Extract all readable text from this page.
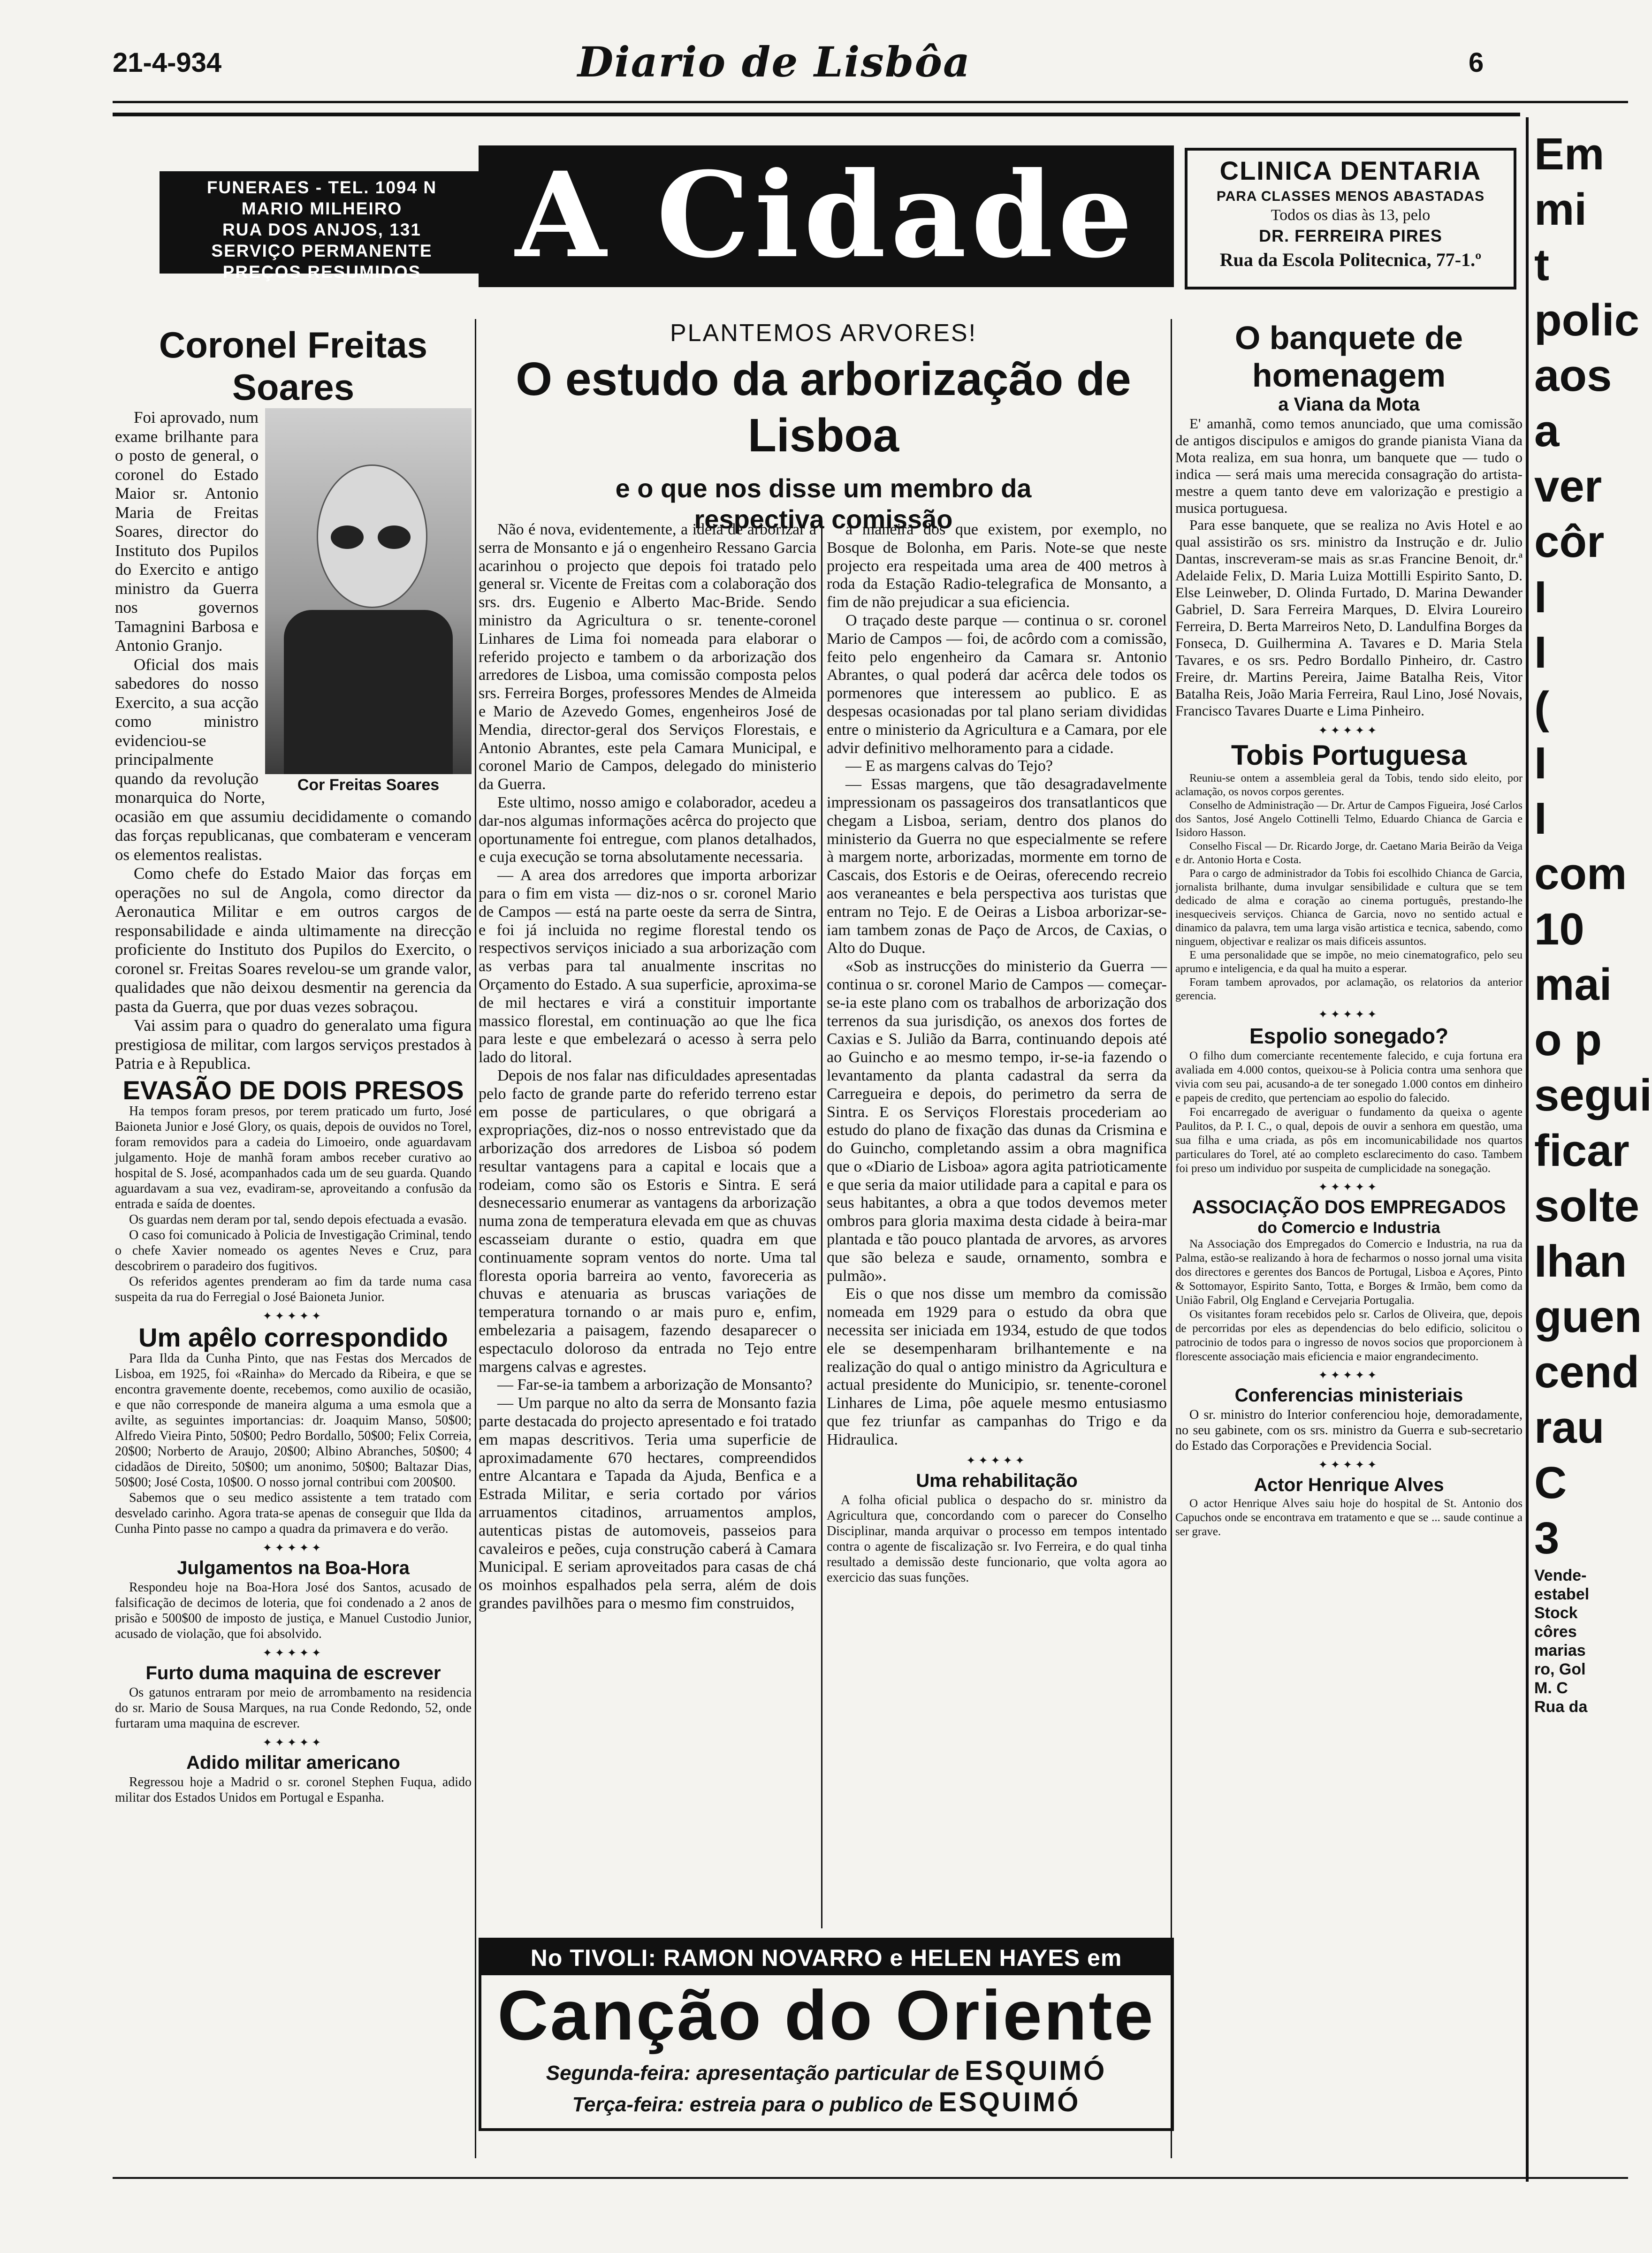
21-4-934	Diario de Lisbôa	6
FUNERAES - TEL. 1094 N
MARIO MILHEIRO
RUA DOS ANJOS, 131
SERVIÇO PERMANENTE
PREÇOS RESUMIDOS A Cidade	CLINICA DENTARIA
PARA CLASSES MENOS ABASTADAS
Todos os dias às 13, pelo
DR. FERREIRA PIRES
Rua da Escola Politecnica, 77-1.º
Coronel Freitas Soares
Cor Freitas Soares

Foi aprovado, num exame brilhante para o posto de general, o coronel do Estado Maior sr. Antonio Maria de Freitas Soares, director do Instituto dos Pupilos do Exercito e antigo ministro da Guerra nos governos Tamagnini Barbosa e Antonio Granjo.

Oficial dos mais sabedores do nosso Exercito, a sua acção como ministro evidenciou-se principalmente quando da revolução monarquica do Norte, ocasião em que assumiu decididamente o comando das forças republicanas, que combateram e venceram os elementos realistas.

Como chefe do Estado Maior das forças em operações no sul de Angola, como director da Aeronautica Militar e em outros cargos de responsabilidade e ainda ultimamente na direcção proficiente do Instituto dos Pupilos do Exercito, o coronel sr. Freitas Soares revelou-se um grande valor, qualidades que não deixou desmentir na gerencia da pasta da Guerra, que por duas vezes sobraçou.

Vai assim para o quadro do generalato uma figura prestigiosa de militar, com largos serviços prestados à Patria e à Republica.

EVASÃO DE DOIS PRESOS

Ha tempos foram presos, por terem praticado um furto, José Baioneta Junior e José Glory, os quais, depois de ouvidos no Torel, foram removidos para a cadeia do Limoeiro, onde aguardavam julgamento. Hoje de manhã foram ambos receber curativo ao hospital de S. José, acompanhados cada um de seu guarda. Quando aguardavam a sua vez, evadiram-se, aproveitando a confusão da entrada e saída de doentes.

Os guardas nem deram por tal, sendo depois efectuada a evasão.

O caso foi comunicado à Policia de Investigação Criminal, tendo o chefe Xavier nomeado os agentes Neves e Cruz, para descobrirem o paradeiro dos fugitivos.

Os referidos agentes prenderam ao fim da tarde numa casa suspeita da rua do Ferregial o José Baioneta Junior.

✦✦✦✦✦
Um apêlo correspondido

Para Ilda da Cunha Pinto, que nas Festas dos Mercados de Lisboa, em 1925, foi «Rainha» do Mercado da Ribeira, e que se encontra gravemente doente, recebemos, como auxilio de ocasião, e que não corresponde de maneira alguma a uma esmola que a avilte, as seguintes importancias: dr. Joaquim Manso, 50$00; Alfredo Vieira Pinto, 50$00; Pedro Bordallo, 50$00; Felix Correia, 20$00; Norberto de Araujo, 20$00; Albino Abranches, 50$00; 4 cidadãos de Direito, 50$00; um anonimo, 50$00; Baltazar Dias, 50$00; José Costa, 10$00. O nosso jornal contribui com 200$00.

Sabemos que o seu medico assistente a tem tratado com desvelado carinho. Agora trata-se apenas de conseguir que Ilda da Cunha Pinto passe no campo a quadra da primavera e do verão.

✦✦✦✦✦
Julgamentos na Boa-Hora

Respondeu hoje na Boa-Hora José dos Santos, acusado de falsificação de decimos de loteria, que foi condenado a 2 anos de prisão e 500$00 de imposto de justiça, e Manuel Custodio Junior, acusado de violação, que foi absolvido.

✦✦✦✦✦
Furto duma maquina de escrever

Os gatunos entraram por meio de arrombamento na residencia do sr. Mario de Sousa Marques, na rua Conde Redondo, 52, onde furtaram uma maquina de escrever.

✦✦✦✦✦
Adido militar americano

Regressou hoje a Madrid o sr. coronel Stephen Fuqua, adido militar dos Estados Unidos em Portugal e Espanha.

PLANTEMOS ARVORES!
O estudo da arborização de Lisboa
e o que nos disse um membro da respectiva comissão

Não é nova, evidentemente, a ideia de arborizar a serra de Monsanto e já o engenheiro Ressano Garcia acarinhou o projecto que depois foi tratado pelo general sr. Vicente de Freitas com a colaboração dos srs. drs. Eugenio e Alberto Mac-Bride. Sendo ministro da Agricultura o sr. tenente-coronel Linhares de Lima foi nomeada para elaborar o referido projecto e tambem o da arborização dos arredores de Lisboa, uma comissão composta pelos srs. Ferreira Borges, professores Mendes de Almeida e Mario de Azevedo Gomes, engenheiros José de Mendia, director-geral dos Serviços Florestais, e Antonio Abrantes, este pela Camara Municipal, e coronel Mario de Campos, delegado do ministerio da Guerra.

Este ultimo, nosso amigo e colaborador, acedeu a dar-nos algumas informações acêrca do projecto que oportunamente foi entregue, com planos detalhados, e cuja execução se torna absolutamente necessaria.

— A area dos arredores que importa arborizar para o fim em vista — diz-nos o sr. coronel Mario de Campos — está na parte oeste da serra de Sintra, e foi já incluida no regime florestal tendo os respectivos serviços iniciado a sua arborização com as verbas para tal anualmente inscritas no Orçamento do Estado. A sua superficie, aproxima-se de mil hectares e virá a constituir importante massico florestal, em continuação ao que lhe fica para leste e que embelezará o acesso à serra pelo lado do litoral.

Depois de nos falar nas dificuldades apresentadas pelo facto de grande parte do referido terreno estar em posse de particulares, o que obrigará a expropriações, diz-nos o nosso entrevistado que da arborização dos arredores de Lisboa só podem resultar vantagens para a capital e locais que a rodeiam, como são os Estoris e Sintra. E será desnecessario enumerar as vantagens da arborização numa zona de temperatura elevada em que as chuvas escasseiam durante o estio, quadra em que continuamente sopram ventos do norte. Uma tal floresta oporia barreira ao vento, favoreceria as chuvas e atenuaria as bruscas variações de temperatura tornando o ar mais puro e, enfim, embelezaria a paisagem, fazendo desaparecer o espectaculo doloroso da entrada no Tejo entre margens calvas e agrestes.

— Far-se-ia tambem a arborização de Monsanto?

— Um parque no alto da serra de Monsanto fazia parte destacada do projecto apresentado e foi tratado em mapas descritivos. Teria uma superficie de aproximadamente 670 hectares, compreendidos entre Alcantara e Tapada da Ajuda, Benfica e a Estrada Militar, e seria cortado por vários arruamentos citadinos, arruamentos amplos, autenticas pistas de automoveis, passeios para cavaleiros e peões, cuja construção caberá à Camara Municipal. E seriam aproveitados para casas de chá os moinhos espalhados pela serra, além de dois grandes pavilhões para o mesmo fim construidos,

à maneira dos que existem, por exemplo, no Bosque de Bolonha, em Paris. Note-se que neste projecto era respeitada uma area de 400 metros à roda da Estação Radio-telegrafica de Monsanto, a fim de não prejudicar a sua eficiencia.

O traçado deste parque — continua o sr. coronel Mario de Campos — foi, de acôrdo com a comissão, feito pelo engenheiro da Camara sr. Antonio Abrantes, o qual poderá dar acêrca dele todos os pormenores que interessem ao publico. E as despesas ocasionadas por tal plano seriam divididas entre o ministerio da Agricultura e a Camara, por ele advir definitivo melhoramento para a cidade.

— E as margens calvas do Tejo?

— Essas margens, que tão desagradavelmente impressionam os passageiros dos transatlanticos que chegam a Lisboa, seriam, dentro dos planos do ministerio da Guerra no que especialmente se refere à margem norte, arborizadas, mormente em torno de Cascais, dos Estoris e de Oeiras, oferecendo recreio aos veraneantes e bela perspectiva aos turistas que entram no Tejo. E de Oeiras a Lisboa arborizar-se-iam tambem zonas de Paço de Arcos, de Caxias, o Alto do Duque.

«Sob as instrucções do ministerio da Guerra — continua o sr. coronel Mario de Campos — começar-se-ia este plano com os trabalhos de arborização dos terrenos da sua jurisdição, os anexos dos fortes de Caxias e S. Julião da Barra, continuando depois até ao Guincho e ao mesmo tempo, ir-se-ia fazendo o levantamento da planta cadastral da serra da Carregueira e depois, do perimetro da serra de Sintra. E os Serviços Florestais procederiam ao estudo do plano de fixação das dunas da Crismina e do Guincho, completando assim a obra magnifica que o «Diario de Lisboa» agora agita patrioticamente e que seria da maior utilidade para a capital e para os seus habitantes, a obra a que todos devemos meter ombros para gloria maxima desta cidade à beira-mar plantada e tão pouco plantada de arvores, as arvores que são beleza e saude, ornamento, sombra e pulmão».

Eis o que nos disse um membro da comissão nomeada em 1929 para o estudo da obra que necessita ser iniciada em 1934, estudo de que todos ele se desempenharam brilhantemente e na realização do qual o antigo ministro da Agricultura e actual presidente do Municipio, sr. tenente-coronel Linhares de Lima, pôe aquele mesmo entusiasmo que fez triunfar as campanhas do Trigo e da Hidraulica.

✦✦✦✦✦
Uma rehabilitação

A folha oficial publica o despacho do sr. ministro da Agricultura que, concordando com o parecer do Conselho Disciplinar, manda arquivar o processo em tempos intentado contra o agente de fiscalização sr. Ivo Ferreira, e do qual tinha resultado a demissão deste funcionario, que volta agora ao exercicio das suas funções.

No TIVOLI: RAMON NOVARRO e HELEN HAYES em
Canção do Oriente
Segunda-feira: apresentação particular de ESQUIMÓ
Terça-feira: estreia para o publico de ESQUIMÓ
O banquete de homenagem
a Viana da Mota

E' amanhã, como temos anunciado, que uma comissão de antigos discipulos e amigos do grande pianista Viana da Mota realiza, em sua honra, um banquete que — tudo o indica — será mais uma merecida consagração do artista-mestre a quem tanto deve em valorização e prestigio a musica portuguesa.

Para esse banquete, que se realiza no Avis Hotel e ao qual assistirão os srs. ministro da Instrução e dr. Julio Dantas, inscreveram-se mais as sr.as Francine Benoit, dr.ª Adelaide Felix, D. Maria Luiza Mottilli Espirito Santo, D. Else Leinweber, D. Olinda Furtado, D. Marina Dewander Gabriel, D. Sara Ferreira Marques, D. Elvira Loureiro Ferreira, D. Berta Marreiros Neto, D. Landulfina Borges da Fonseca, D. Guilhermina A. Tavares e D. Maria Stela Tavares, e os srs. Pedro Bordallo Pinheiro, dr. Castro Freire, dr. Martins Pereira, Jaime Batalha Reis, Vitor Batalha Reis, João Maria Ferreira, Raul Lino, José Novais, Francisco Tavares Duarte e Lima Pinheiro.

✦✦✦✦✦
Tobis Portuguesa

Reuniu-se ontem a assembleia geral da Tobis, tendo sido eleito, por aclamação, os novos corpos gerentes.

Conselho de Administração — Dr. Artur de Campos Figueira, José Carlos dos Santos, José Angelo Cottinelli Telmo, Eduardo Chianca de Garcia e Isidoro Hasson.

Conselho Fiscal — Dr. Ricardo Jorge, dr. Caetano Maria Beirão da Veiga e dr. Antonio Horta e Costa.

Para o cargo de administrador da Tobis foi escolhido Chianca de Garcia, jornalista brilhante, duma invulgar sensibilidade e cultura que se tem dedicado de alma e coração ao cinema português, prestando-lhe inesqueciveis serviços. Chianca de Garcia, novo no sentido actual e dinamico da palavra, tem uma larga visão artistica e tecnica, sabendo, como ninguem, objectivar e realizar os mais dificeis assuntos.

E uma personalidade que se impõe, no meio cinematografico, pelo seu aprumo e inteligencia, e da qual ha muito a esperar.

Foram tambem aprovados, por aclamação, os relatorios da anterior gerencia.

✦✦✦✦✦
Espolio sonegado?

O filho dum comerciante recentemente falecido, e cuja fortuna era avaliada em 4.000 contos, queixou-se à Policia contra uma senhora que vivia com seu pai, acusando-a de ter sonegado 1.000 contos em dinheiro e papeis de credito, que pertenciam ao espolio do falecido.

Foi encarregado de averiguar o fundamento da queixa o agente Paulitos, da P. I. C., o qual, depois de ouvir a senhora em questão, uma sua filha e uma criada, as pôs em incomunicabilidade nos quartos particulares do Torel, até ao completo esclarecimento do caso. Tambem foi preso um individuo por suspeita de cumplicidade na sonegação.

✦✦✦✦✦
ASSOCIAÇÃO DOS EMPREGADOS
do Comercio e Industria

Na Associação dos Empregados do Comercio e Industria, na rua da Palma, estão-se realizando à hora de fecharmos o nosso jornal uma visita dos directores e gerentes dos Bancos de Portugal, Lisboa e Açores, Pinto & Sottomayor, Espirito Santo, Totta, e Borges & Irmão, bem como da União Fabril, Olg England e Cervejaria Portugalia.

Os visitantes foram recebidos pelo sr. Carlos de Oliveira, que, depois de percorridas por eles as dependencias do belo edificio, solicitou o patrocinio de todos para o ingresso de novos socios que proporcionem à florescente associação mais eficiencia e maior engrandecimento.

✦✦✦✦✦
Conferencias ministeriais

O sr. ministro do Interior conferenciou hoje, demoradamente, no seu gabinete, com os srs. ministro da Guerra e sub-secretario do Estado das Corporações e Previdencia Social.

✦✦✦✦✦
Actor Henrique Alves

O actor Henrique Alves saiu hoje do hospital de St. Antonio dos Capuchos onde se encontrava em tratamento e que se ... saude continue a ser grave.

Em
mi
t
polic
aos
a
ver
côr
I
I
(
I
I
com
10
mai
o p
segui
ficar
solte
Ihan
guen
cend
rau
C
3
Vende-
estabel
Stock
côres
marias
ro, Gol
M. C
Rua da
